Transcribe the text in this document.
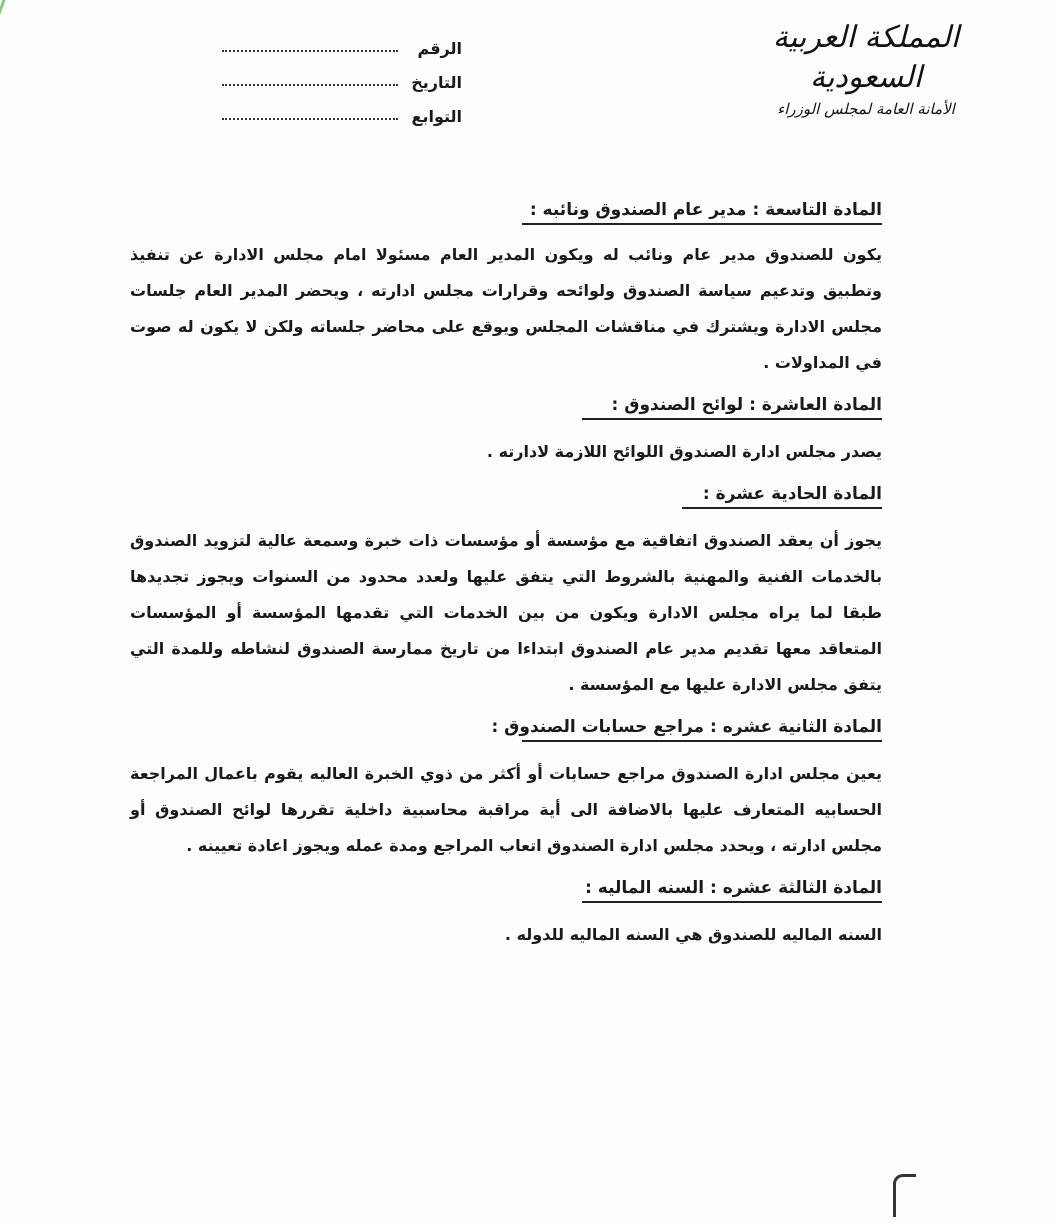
المملكة العربية السعودية
الأمانة العامة لمجلس الوزراء
الرقم
التاريخ
التوابع
المادة التاسعة : مدير عام الصندوق ونائبه :

يكون للصندوق مدير عام ونائب له ويكون المدير العام مسئولا امام مجلس الادارة عن تنفيذ وتطبيق وتدعيم سياسة الصندوق ولوائحه وقرارات مجلس ادارته ، ويحضر المدير العام جلسات مجلس الادارة ويشترك في مناقشات المجلس ويوقع على محاضر جلساته ولكن لا يكون له صوت في المداولات .

المادة العاشرة : لوائح الصندوق :

يصدر مجلس ادارة الصندوق اللوائح اللازمة لادارته .

المادة الحادية عشرة :

يجوز أن يعقد الصندوق اتفاقية مع مؤسسة أو مؤسسات ذات خبرة وسمعة عالية لتزويد الصندوق بالخدمات الفنية والمهنية بالشروط التي يتفق عليها ولعدد محدود من السنوات ويجوز تجديدها طبقا لما يراه مجلس الادارة ويكون من بين الخدمات التي تقدمها المؤسسة أو المؤسسات المتعاقد معها تقديم مدير عام الصندوق ابتداءا من تاريخ ممارسة الصندوق لنشاطه وللمدة التي يتفق مجلس الادارة عليها مع المؤسسة .

المادة الثانية عشره : مراجع حسابات الصندوق :

يعين مجلس ادارة الصندوق مراجع حسابات أو أكثر من ذوي الخبرة العاليه يقوم باعمال المراجعة الحسابيه المتعارف عليها بالاضافة الى أية مراقبة محاسبية داخلية تقررها لوائح الصندوق أو مجلس ادارته ، ويحدد مجلس ادارة الصندوق اتعاب المراجع ومدة عمله ويجوز اعادة تعيينه .

المادة الثالثة عشره : السنه الماليه :

السنه الماليه للصندوق هي السنه الماليه للدوله .
